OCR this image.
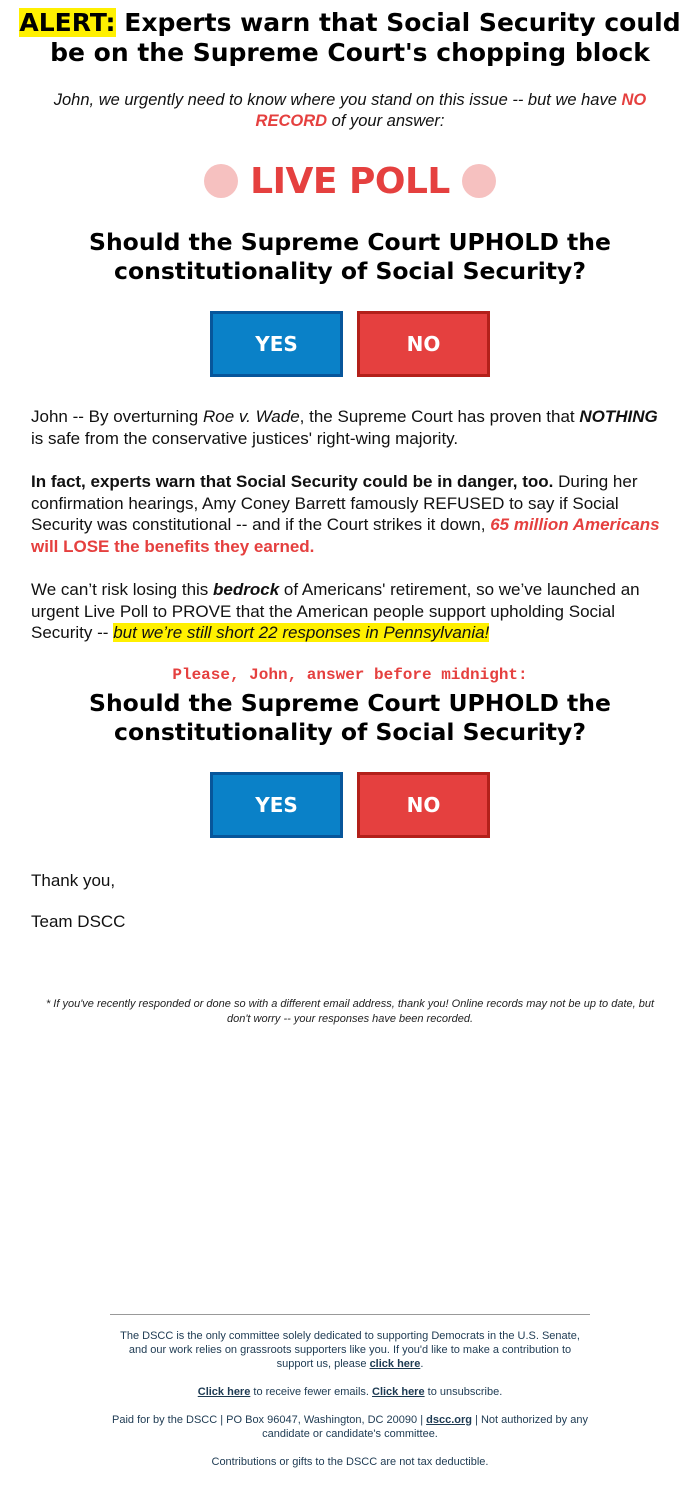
ALERT: Experts warn that Social Security could be on the Supreme Court's chopping block

John, we urgently need to know where you stand on this issue -- but we have NO RECORD of your answer:

LIVE POLL
Should the Supreme Court UPHOLD the constitutionality of Social Security?
YES	NO

John -- By overturning Roe v. Wade, the Supreme Court has proven that NOTHING is safe from the conservative justices' right-wing majority.

In fact, experts warn that Social Security could be in danger, too. During her confirmation hearings, Amy Coney Barrett famously REFUSED to say if Social Security was constitutional -- and if the Court strikes it down, 65 million Americans will LOSE the benefits they earned.

We can’t risk losing this bedrock of Americans' retirement, so we’ve launched an urgent Live Poll to PROVE that the American people support upholding Social Security -- but we’re still short 22 responses in Pennsylvania!

Please, John, answer before midnight:

Should the Supreme Court UPHOLD the constitutionality of Social Security?
YES	NO

Thank you,

Team DSCC

* If you've recently responded or done so with a different email address, thank you! Online records may not be up to date, but don't worry -- your responses have been recorded.

The DSCC is the only committee solely dedicated to supporting Democrats in the U.S. Senate, and our work relies on grassroots supporters like you. If you'd like to make a contribution to support us, please click here.

Click here to receive fewer emails. Click here to unsubscribe.

Paid for by the DSCC | PO Box 96047, Washington, DC 20090 | dscc.org | Not authorized by any candidate or candidate's committee.

Contributions or gifts to the DSCC are not tax deductible.
